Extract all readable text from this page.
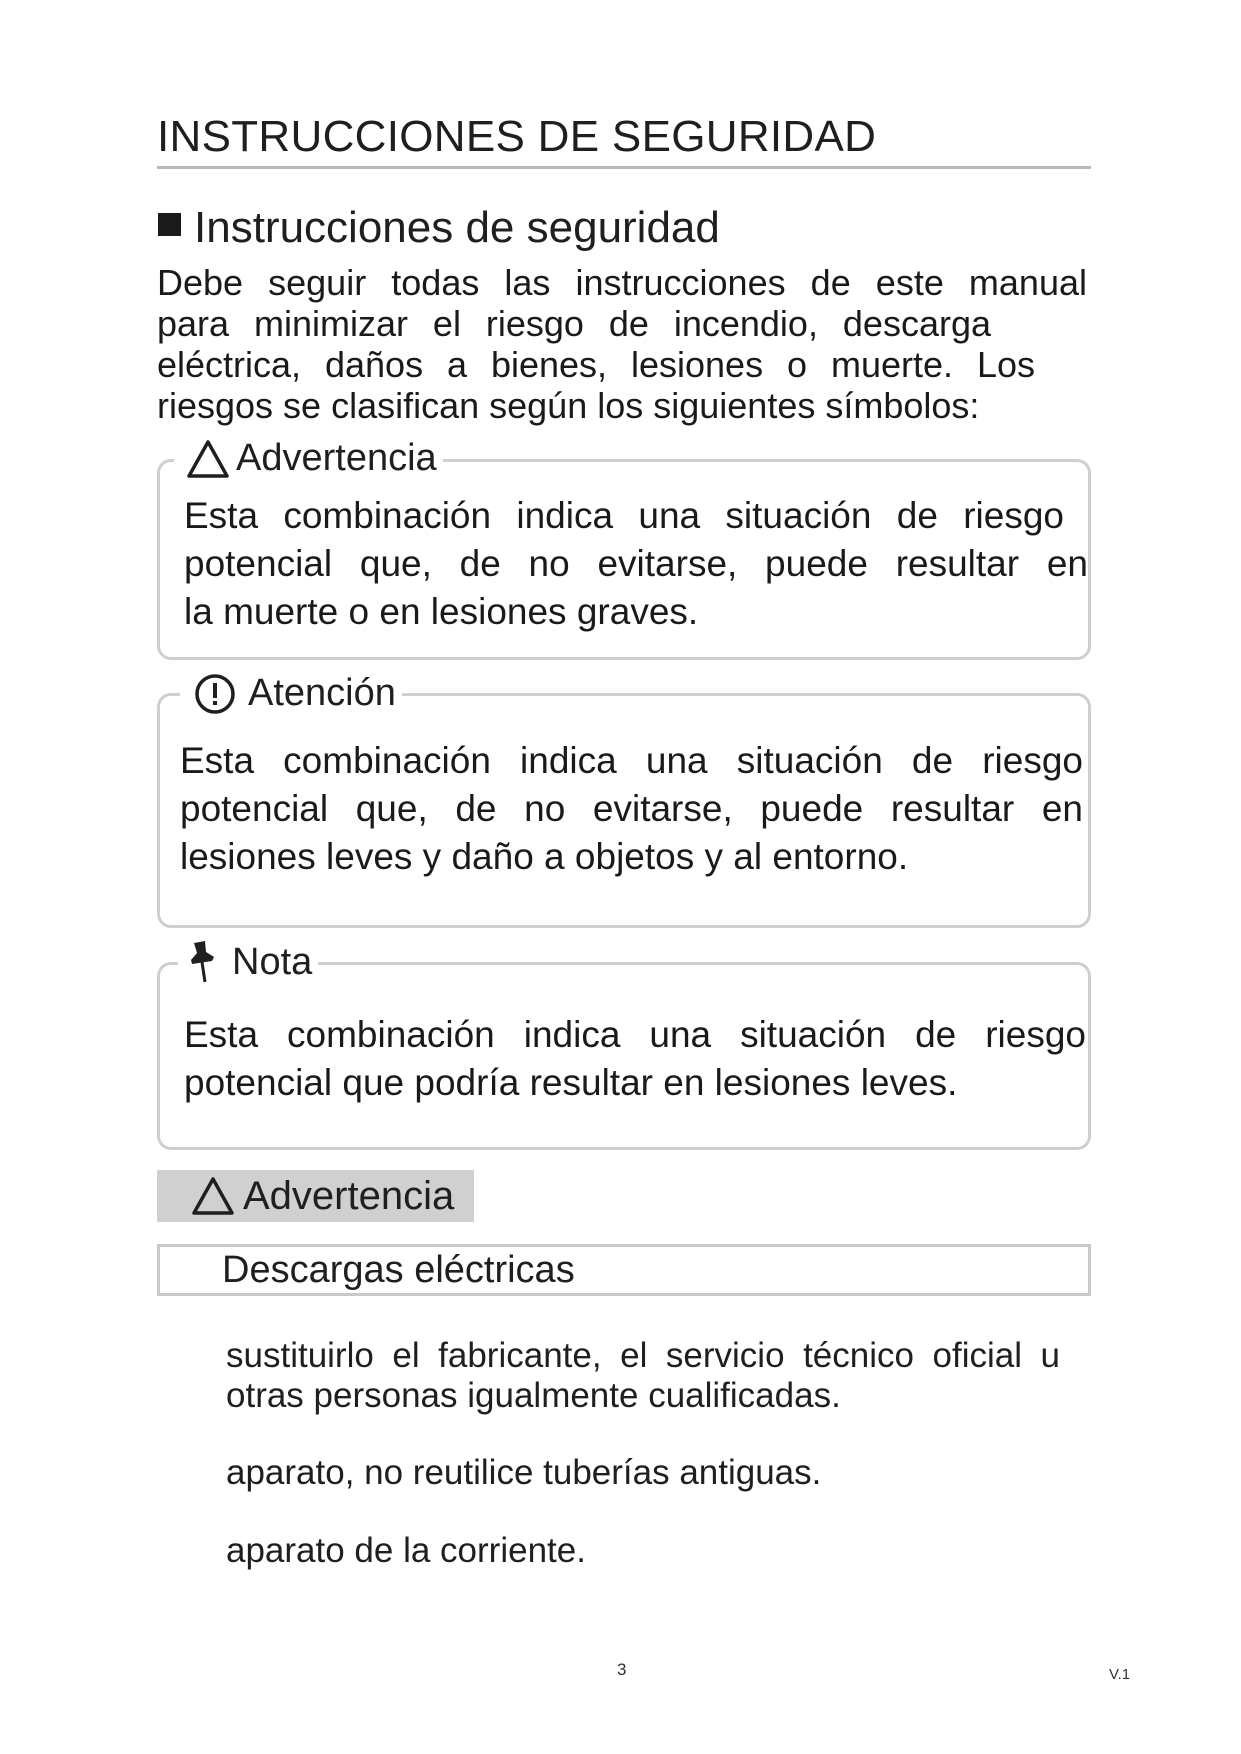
INSTRUCCIONES DE SEGURIDAD
Instrucciones de seguridad
Debe seguir todas las instrucciones de este manual
para minimizar el riesgo de incendio, descarga
eléctrica, daños a bienes, lesiones o muerte. Los
riesgos se clasifican según los siguientes símbolos:
Advertencia
Esta combinación indica una situación de riesgo
potencial que, de no evitarse, puede resultar en
la muerte o en lesiones graves.
Atención
Esta combinación indica una situación de riesgo
potencial que, de no evitarse, puede resultar en
lesiones leves y daño a objetos y al entorno.
Nota
Esta combinación indica una situación de riesgo
potencial que podría resultar en lesiones leves.
Advertencia
Descargas eléctricas
sustituirlo el fabricante, el servicio técnico oficial u
otras personas igualmente cualificadas.
aparato, no reutilice tuberías antiguas.
aparato de la corriente.
3	V.1
